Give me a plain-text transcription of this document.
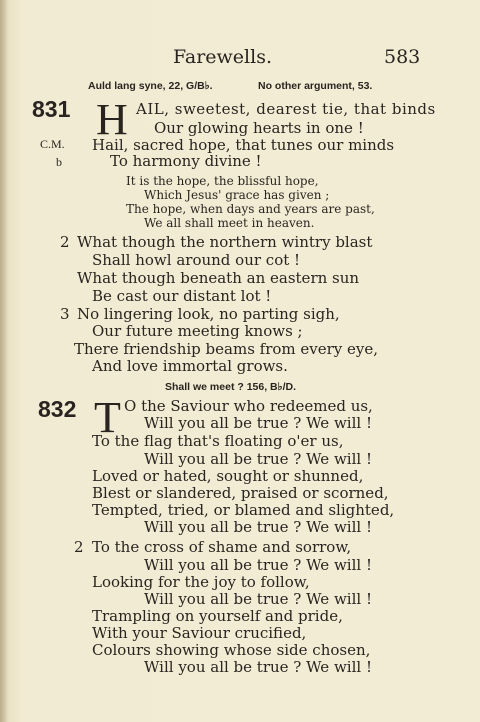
Farewells.	583
Auld lang syne, 22, G/B♭.	No other argument, 53.
831 H AIL, sweetest, dearest tie, that binds
Our glowing hearts in one !
C.M. Hail, sacred hope, that tunes our minds
b	To harmony divine !
It is the hope, the blissful hope,
Which Jesus' grace has given ;
The hope, when days and years are past,
We all shall meet in heaven.
2 What though the northern wintry blast
Shall howl around our cot !
What though beneath an eastern sun
Be cast our distant lot !
3 No lingering look, no parting sigh,
Our future meeting knows ;
There friendship beams from every eye,
And love immortal grows.
Shall we meet ? 156, B♭/D.
832 T O the Saviour who redeemed us,
Will you all be true ? We will !
To the flag that's floating o'er us,
Will you all be true ? We will !
Loved or hated, sought or shunned,
Blest or slandered, praised or scorned,
Tempted, tried, or blamed and slighted,
Will you all be true ? We will !
2 To the cross of shame and sorrow,
Will you all be true ? We will !
Looking for the joy to follow,
Will you all be true ? We will !
Trampling on yourself and pride,
With your Saviour crucified,
Colours showing whose side chosen,
Will you all be true ? We will !
